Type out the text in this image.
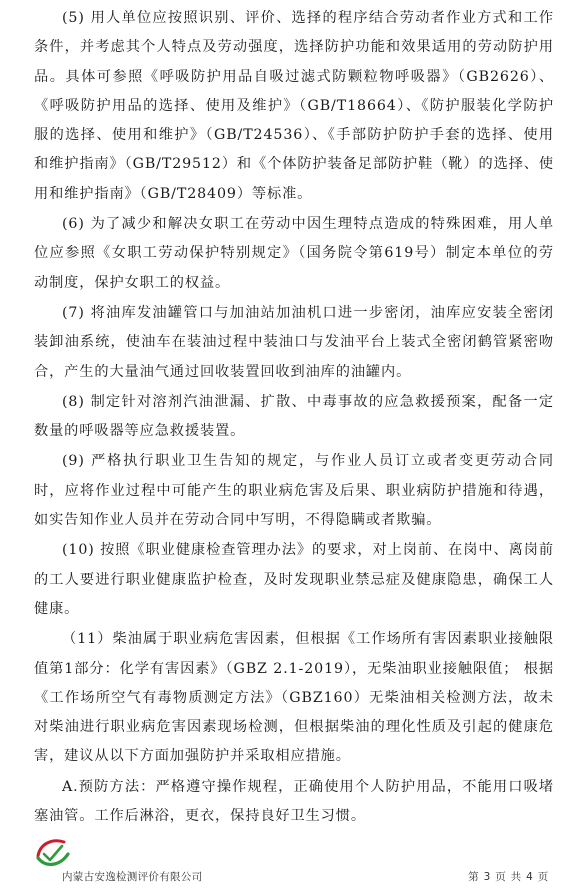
(5) 用人单位应按照识别、评价、选择的程序结合劳动者作业方式和工作条件，并考虑其个人特点及劳动强度，选择防护功能和效果适用的劳动防护用品。具体可参照《呼吸防护用品自吸过滤式防颗粒物呼吸器》（GB2626）、《呼吸防护用品的选择、使用及维护》（GB/T18664）、《防护服装化学防护服的选择、使用和维护》（GB/T24536）、《手部防护防护手套的选择、使用和维护指南》（GB/T29512）和《个体防护装备足部防护鞋（靴）的选择、使用和维护指南》（GB/T28409）等标准。

(6) 为了减少和解决女职工在劳动中因生理特点造成的特殊困难，用人单位应参照《女职工劳动保护特别规定》（国务院令第619号）制定本单位的劳动制度，保护女职工的权益。

(7) 将油库发油罐管口与加油站加油机口进一步密闭，油库应安装全密闭装卸油系统，使油车在装油过程中装油口与发油平台上装式全密闭鹤管紧密吻合，产生的大量油气通过回收装置回收到油库的油罐内。

(8) 制定针对溶剂汽油泄漏、扩散、中毒事故的应急救援预案，配备一定数量的呼吸器等应急救援装置。

(9) 严格执行职业卫生告知的规定，与作业人员订立或者变更劳动合同时，应将作业过程中可能产生的职业病危害及后果、职业病防护措施和待遇，如实告知作业人员并在劳动合同中写明，不得隐瞒或者欺骗。

(10) 按照《职业健康检查管理办法》的要求，对上岗前、在岗中、离岗前的工人要进行职业健康监护检查，及时发现职业禁忌症及健康隐患，确保工人健康。

（11）柴油属于职业病危害因素，但根据《工作场所有害因素职业接触限值第1部分：化学有害因素》（GBZ 2.1-2019），无柴油职业接触限值； 根据《工作场所空气有毒物质测定方法》（GBZ160）无柴油相关检测方法，故未对柴油进行职业病危害因素现场检测，但根据柴油的理化性质及引起的健康危害，建议从以下方面加强防护并采取相应措施。

A.预防方法：严格遵守操作规程，正确使用个人防护用品，不能用口吸堵塞油管。工作后淋浴，更衣，保持良好卫生习惯。

内蒙古安逸检测评价有限公司	第 3 页 共 4 页
